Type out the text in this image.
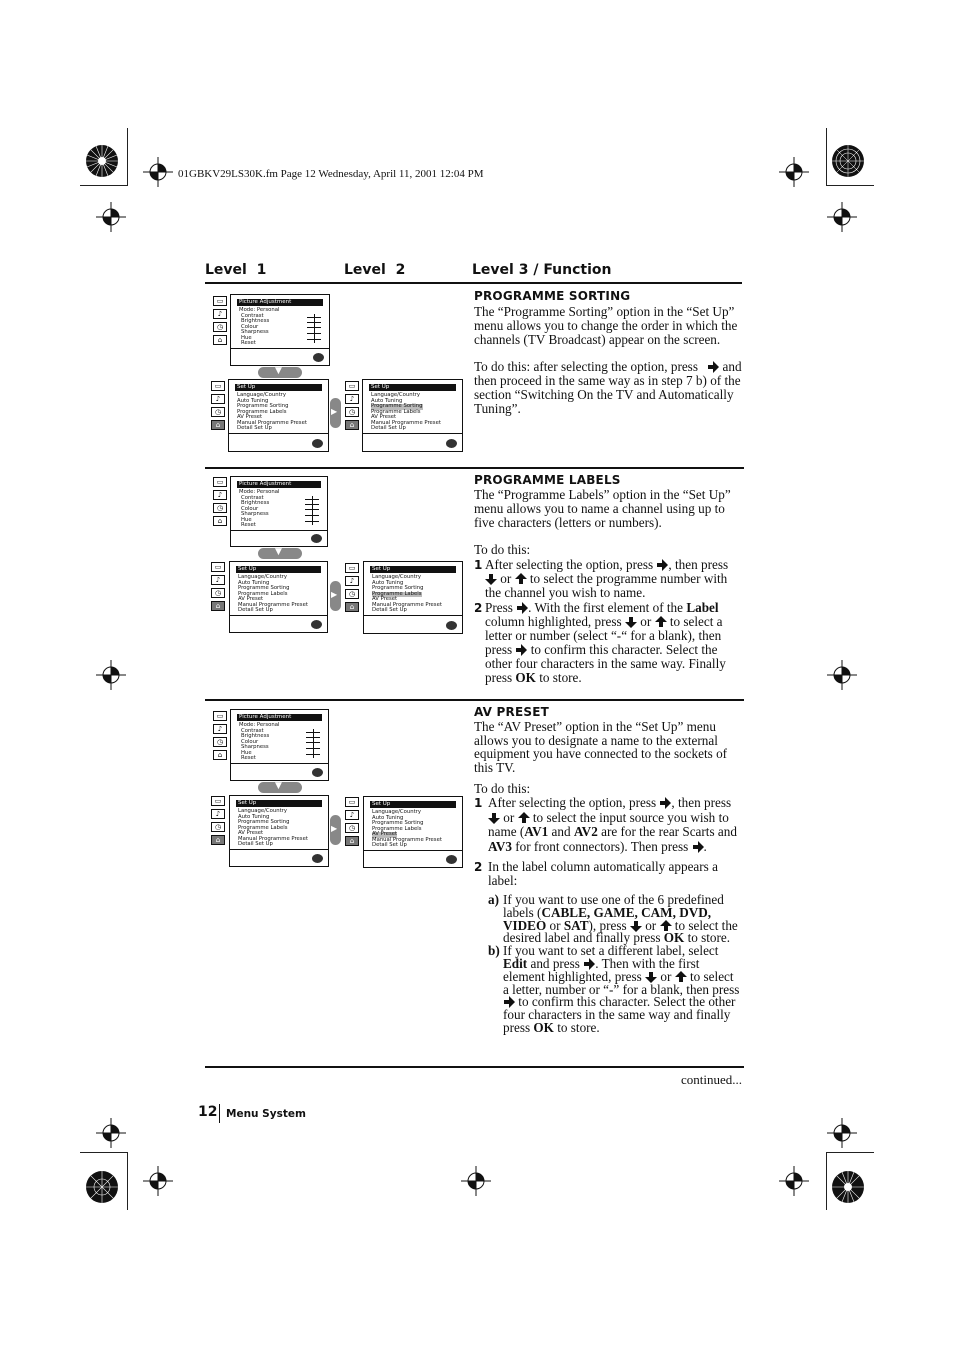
01GBKV29LS30K.fm Page 12 Wednesday, April 11, 2001 12:04 PM
Level  1	Level  2	Level 3 / Function
▭
♪
◷
⌂
Picture Adjustment
Mode: Personal
Contrast
Brightness
Colour
Sharpness
Hue
Reset
▼
▭
♪
◷
⌂
Set Up
Language/Country
Auto Tuning
Programme Sorting
Programme Labels
AV Preset
Manual Programme Preset
Detail Set Up
▶
▭
♪
◷
⌂
Set Up
Language/Country
Auto Tuning
Programme Sorting
Programme Labels
AV Preset
Manual Programme Preset
Detail Set Up
PROGRAMME SORTING
The “Programme Sorting” option in the “Set Up” menu allows you to change the order in which the channels (TV Broadcast) appear on the screen.
To do this: after selecting the option, press and then proceed in the same way as in step 7 b) of the section “Switching On the TV and Automatically Tuning”.
▭
♪
◷
⌂
Picture Adjustment
Mode: Personal
Contrast
Brightness
Colour
Sharpness
Hue
Reset
▼
▭
♪
◷
⌂
Set Up
Language/Country
Auto Tuning
Programme Sorting
Programme Labels
AV Preset
Manual Programme Preset
Detail Set Up
▶
▭
♪
◷
⌂
Set Up
Language/Country
Auto Tuning
Programme Sorting
Programme Labels
AV Preset
Manual Programme Preset
Detail Set Up
PROGRAMME LABELS
The “Programme Labels” option in the “Set Up” menu allows you to name a channel using up to five characters (letters or numbers).
To do this:
1 After selecting the option, press , then press  or to select the programme number with the channel you wish to name.
2 Press . With the first element of the Label column highlighted, press or to select a letter or number (select “-“ for a blank), then press to confirm this character. Select the other four characters in the same way. Finally press OK to store.
▭
♪
◷
⌂
Picture Adjustment
Mode: Personal
Contrast
Brightness
Colour
Sharpness
Hue
Reset
▼
▭
♪
◷
⌂
Set Up
Language/Country
Auto Tuning
Programme Sorting
Programme Labels
AV Preset
Manual Programme Preset
Detail Set Up
▶
▭
♪
◷
⌂
Set Up
Language/Country
Auto Tuning
Programme Sorting
Programme Labels
AV Preset
Manual Programme Preset
Detail Set Up
AV PRESET
The “AV Preset” option in the “Set Up” menu allows you to designate a name to the external equipment you have connected to the sockets of this TV.
To do this:
1 After selecting the option, press , then press  or to select the input source you wish to name (AV1 and AV2 are for the rear Scarts and AV3 for front connectors). Then press .
2 In the label column automatically appears a label:
a) If you want to use one of the 6 predefined labels (CABLE, GAME, CAM, DVD, VIDEO or SAT), press or to select the desired label and finally press OK to store.
b) If you want to set a different label, select Edit and press . Then with the first element highlighted, press or to select a letter, number or “-” for a blank, then press  to confirm this character. Select the other four characters in the same way and finally press OK to store.
continued...
12 Menu System
